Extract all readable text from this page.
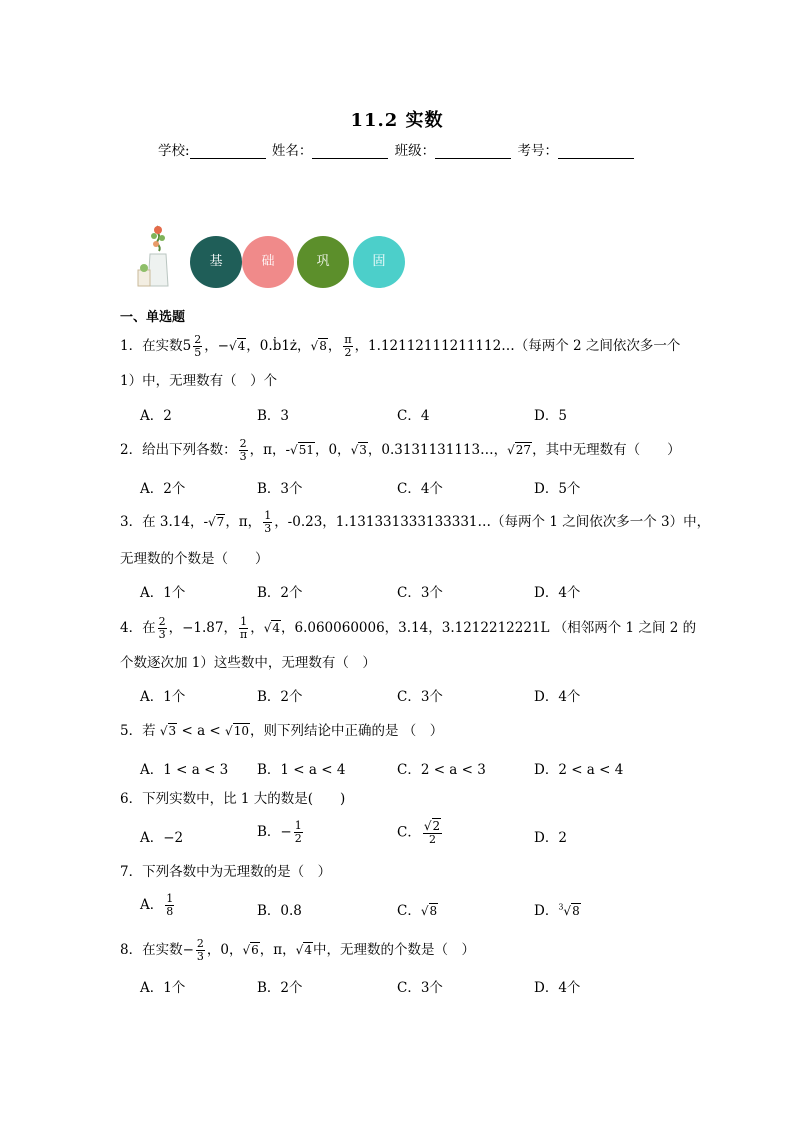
11.2 实数
学校:	姓名：	班级：	考号：
基	础	巩	固
一、单选题
1．在实数$5 \frac{2}{5}$ ，−√4，0.ḃ1ż，√8， $\frac{\pi}{2}$ ，1.12112111211112…（每两个 2 之间依次多一个
1）中，无理数有（　）个
A．2	B．3	C．4	D．5
2．给出下列各数： $\frac{2}{3}$ ，π，-√51，0，√3，0.3131131113…，√27，其中无理数有（　　）
A．2个	B．3个	C．4个	D．5个
3．在 3.14，-√7，π， $\frac{1}{3}$ ，-0.23，1.131331333133331…（每两个 1 之间依次多一个 3）中，
无理数的个数是（　　）
A．1个	B．2个	C．3个	D．4个
4．在 $\frac{2}{3}$ ，−1.87， $\frac{1}{\pi}$ ，√4，6.060060006，3.14，3.1212212221L （相邻两个 1 之间 2 的
个数逐次加 1）这些数中，无理数有（　）
A．1个	B．2个	C．3个	D．4个
5．若 √3 < a < √10，则下列结论中正确的是 （　）
A．1 < a < 3 B．1 < a < 4	C．2 < a < 3	D．2 < a < 4
6．下列实数中，比 1 大的数是(　　)
A．−2	B．− $\frac{1}{2}$	C． $\frac{√2}{2}$	D．2
7．下列各数中为无理数的是（　）
A． $\frac{1}{8}$	B．0.8	C．√8	D．$^3$√8
8．在实数− $\frac{2}{3}$ ，0，√6，π，√4中，无理数的个数是（　）
A．1个	B．2个	C．3个	D．4个
